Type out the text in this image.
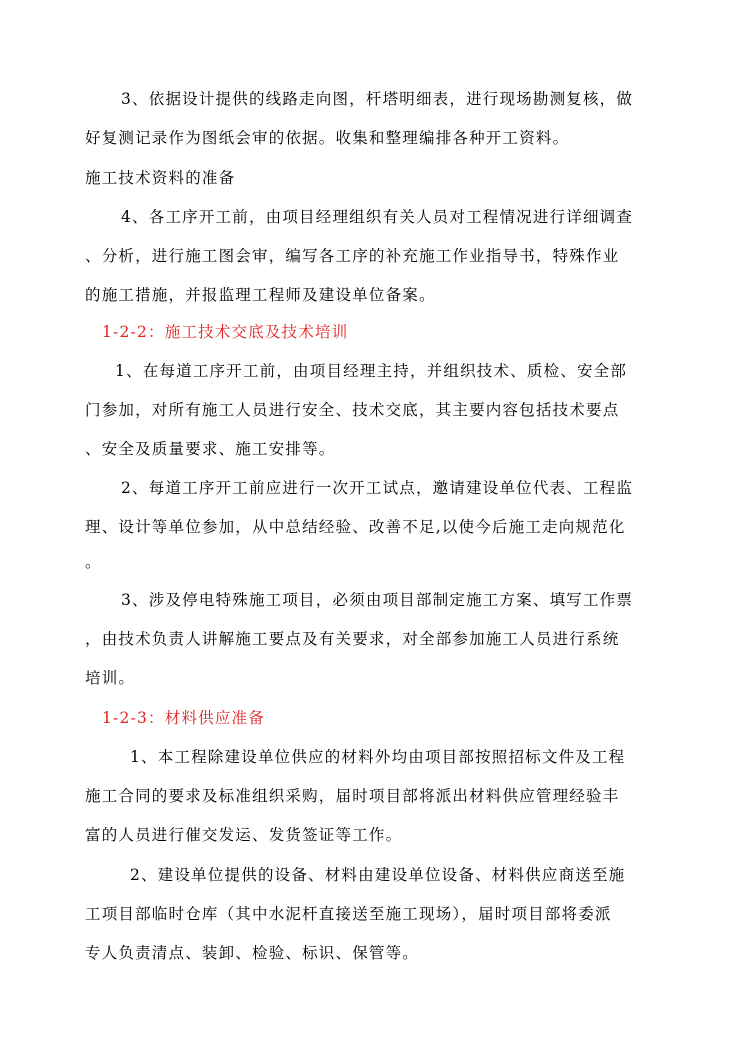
3、依据设计提供的线路走向图，杆塔明细表，进行现场勘测复核，做
好复测记录作为图纸会审的依据。收集和整理编排各种开工资料。
施工技术资料的准备
4、各工序开工前，由项目经理组织有关人员对工程情况进行详细调查
、分析，进行施工图会审，编写各工序的补充施工作业指导书，特殊作业
的施工措施，并报监理工程师及建设单位备案。
1-2-2：施工技术交底及技术培训
1、在每道工序开工前，由项目经理主持，并组织技术、质检、安全部
门参加，对所有施工人员进行安全、技术交底，其主要内容包括技术要点
、安全及质量要求、施工安排等。
2、每道工序开工前应进行一次开工试点，邀请建设单位代表、工程监
理、设计等单位参加，从中总结经验、改善不足,以使今后施工走向规范化
。
3、涉及停电特殊施工项目，必须由项目部制定施工方案、填写工作票
，由技术负责人讲解施工要点及有关要求，对全部参加施工人员进行系统
培训。
1-2-3：材料供应准备
1、本工程除建设单位供应的材料外均由项目部按照招标文件及工程
施工合同的要求及标准组织采购，届时项目部将派出材料供应管理经验丰
富的人员进行催交发运、发货签证等工作。
2、建设单位提供的设备、材料由建设单位设备、材料供应商送至施
工项目部临时仓库（其中水泥杆直接送至施工现场），届时项目部将委派
专人负责清点、装卸、检验、标识、保管等。
